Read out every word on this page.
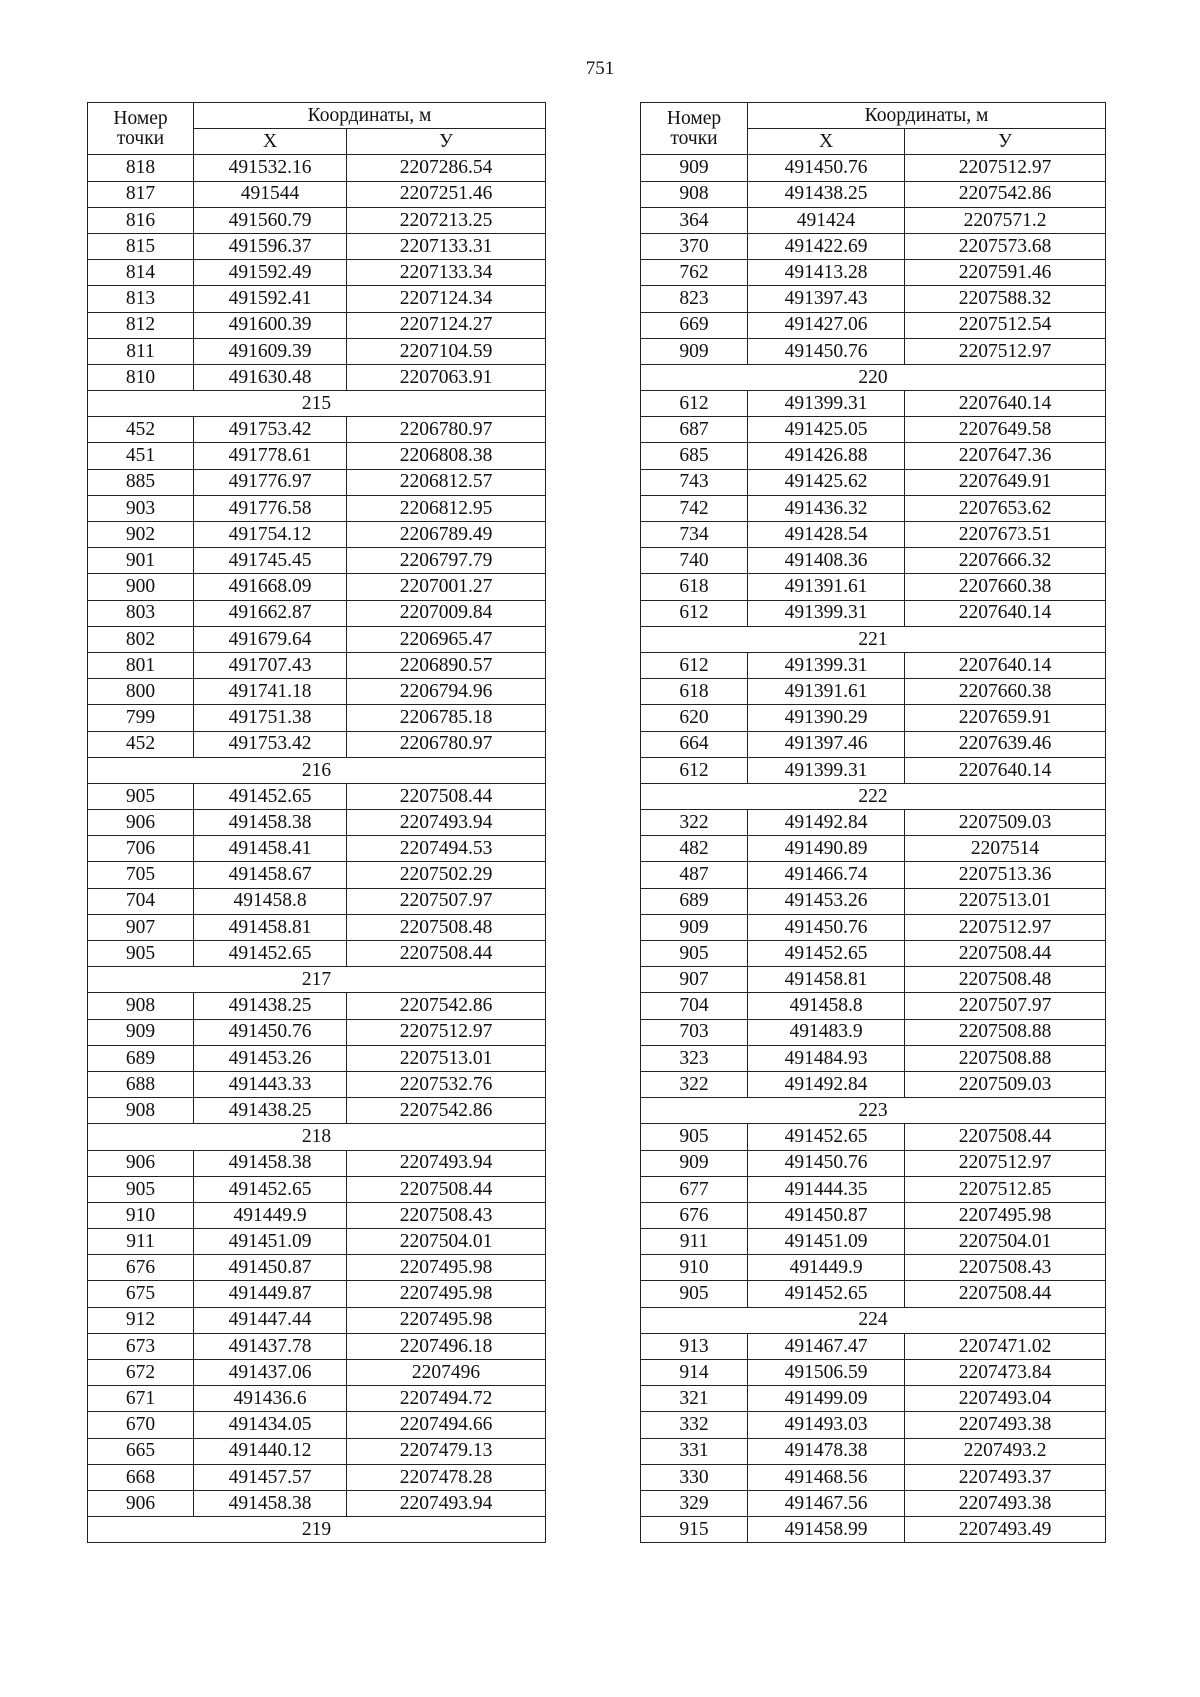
751
Номер
точки	Координаты, м	
	X	У
818	491532.16	2207286.54
817	491544	2207251.46
816	491560.79	2207213.25
815	491596.37	2207133.31
814	491592.49	2207133.34
813	491592.41	2207124.34
812	491600.39	2207124.27
811	491609.39	2207104.59
810	491630.48	2207063.91
215		
452	491753.42	2206780.97
451	491778.61	2206808.38
885	491776.97	2206812.57
903	491776.58	2206812.95
902	491754.12	2206789.49
901	491745.45	2206797.79
900	491668.09	2207001.27
803	491662.87	2207009.84
802	491679.64	2206965.47
801	491707.43	2206890.57
800	491741.18	2206794.96
799	491751.38	2206785.18
452	491753.42	2206780.97
216		
905	491452.65	2207508.44
906	491458.38	2207493.94
706	491458.41	2207494.53
705	491458.67	2207502.29
704	491458.8	2207507.97
907	491458.81	2207508.48
905	491452.65	2207508.44
217		
908	491438.25	2207542.86
909	491450.76	2207512.97
689	491453.26	2207513.01
688	491443.33	2207532.76
908	491438.25	2207542.86
218		
906	491458.38	2207493.94
905	491452.65	2207508.44
910	491449.9	2207508.43
911	491451.09	2207504.01
676	491450.87	2207495.98
675	491449.87	2207495.98
912	491447.44	2207495.98
673	491437.78	2207496.18
672	491437.06	2207496
671	491436.6	2207494.72
670	491434.05	2207494.66
665	491440.12	2207479.13
668	491457.57	2207478.28
906	491458.38	2207493.94
219		
Номер
точки	Координаты, м	
	X	У
909	491450.76	2207512.97
908	491438.25	2207542.86
364	491424	2207571.2
370	491422.69	2207573.68
762	491413.28	2207591.46
823	491397.43	2207588.32
669	491427.06	2207512.54
909	491450.76	2207512.97
220		
612	491399.31	2207640.14
687	491425.05	2207649.58
685	491426.88	2207647.36
743	491425.62	2207649.91
742	491436.32	2207653.62
734	491428.54	2207673.51
740	491408.36	2207666.32
618	491391.61	2207660.38
612	491399.31	2207640.14
221		
612	491399.31	2207640.14
618	491391.61	2207660.38
620	491390.29	2207659.91
664	491397.46	2207639.46
612	491399.31	2207640.14
222		
322	491492.84	2207509.03
482	491490.89	2207514
487	491466.74	2207513.36
689	491453.26	2207513.01
909	491450.76	2207512.97
905	491452.65	2207508.44
907	491458.81	2207508.48
704	491458.8	2207507.97
703	491483.9	2207508.88
323	491484.93	2207508.88
322	491492.84	2207509.03
223		
905	491452.65	2207508.44
909	491450.76	2207512.97
677	491444.35	2207512.85
676	491450.87	2207495.98
911	491451.09	2207504.01
910	491449.9	2207508.43
905	491452.65	2207508.44
224		
913	491467.47	2207471.02
914	491506.59	2207473.84
321	491499.09	2207493.04
332	491493.03	2207493.38
331	491478.38	2207493.2
330	491468.56	2207493.37
329	491467.56	2207493.38
915	491458.99	2207493.49
